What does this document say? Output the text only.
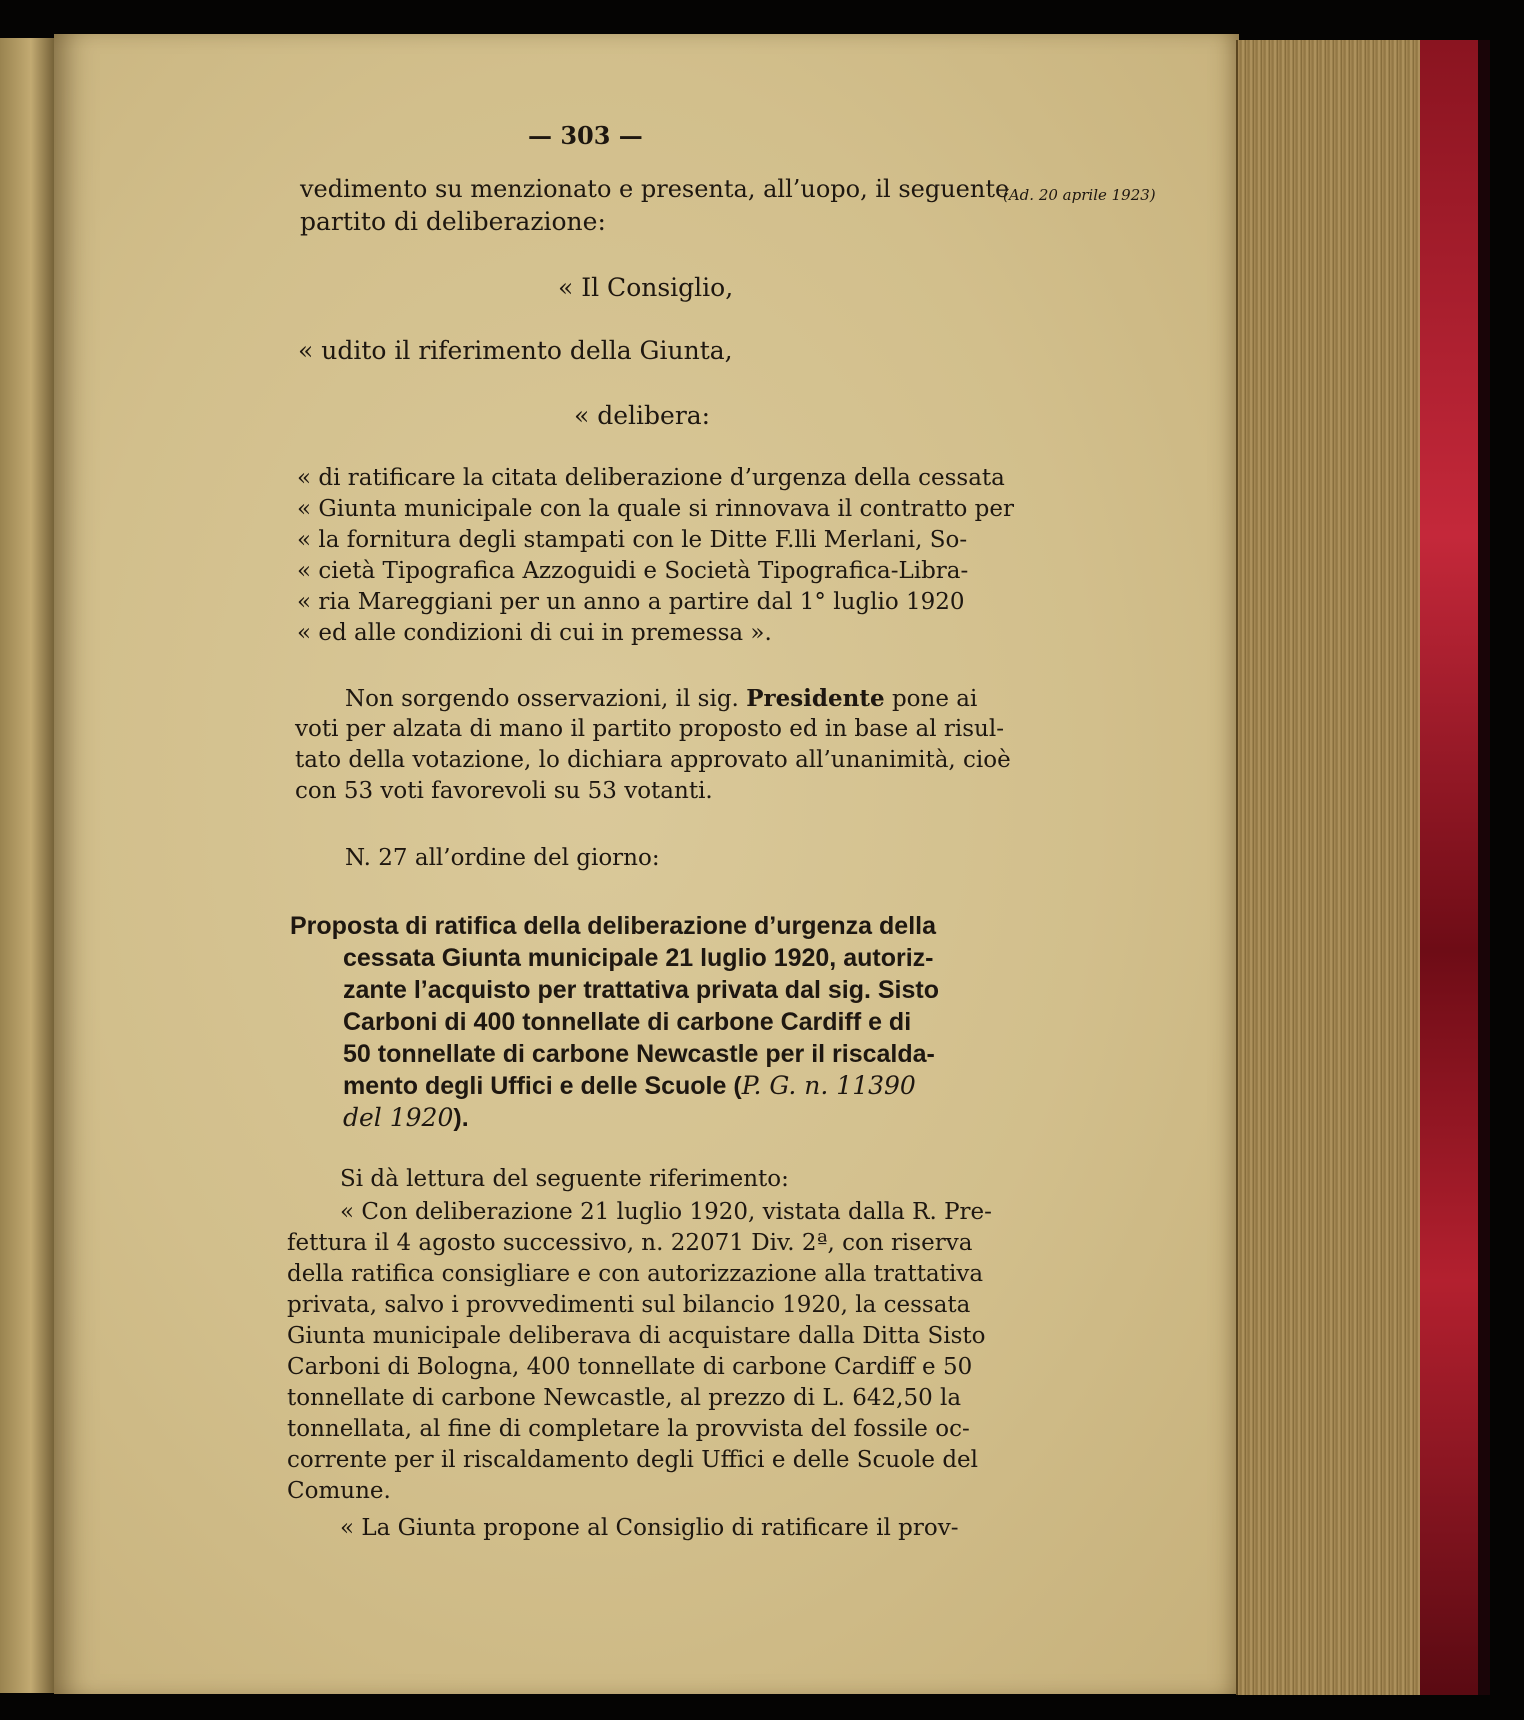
— 303 —
(Ad. 20 aprile 1923)
vedimento su menzionato e presenta, all’uopo, il seguente
partito di deliberazione:
« Il Consiglio,
« udito il riferimento della Giunta,
« delibera:
« di ratificare la citata deliberazione d’urgenza della cessata
« Giunta municipale con la quale si rinnovava il contratto per
« la fornitura degli stampati con le Ditte F.lli Merlani, So-
« cietà Tipografica Azzoguidi e Società Tipografica-Libra-
« ria Mareggiani per un anno a partire dal 1° luglio 1920
« ed alle condizioni di cui in premessa ».
Non sorgendo osservazioni, il sig. Presidente pone ai
voti per alzata di mano il partito proposto ed in base al risul-
tato della votazione, lo dichiara approvato all’unanimità, cioè
con 53 voti favorevoli su 53 votanti.
N. 27 all’ordine del giorno:
Proposta di ratifica della deliberazione d’urgenza della
cessata Giunta municipale 21 luglio 1920, autoriz-
zante l’acquisto per trattativa privata dal sig. Sisto
Carboni di 400 tonnellate di carbone Cardiff e di
50 tonnellate di carbone Newcastle per il riscalda-
mento degli Uffici e delle Scuole (P. G. n. 11390
del 1920).
Si dà lettura del seguente riferimento:
« Con deliberazione 21 luglio 1920, vistata dalla R. Pre-
fettura il 4 agosto successivo, n. 22071 Div. 2ª, con riserva
della ratifica consigliare e con autorizzazione alla trattativa
privata, salvo i provvedimenti sul bilancio 1920, la cessata
Giunta municipale deliberava di acquistare dalla Ditta Sisto
Carboni di Bologna, 400 tonnellate di carbone Cardiff e 50
tonnellate di carbone Newcastle, al prezzo di L. 642,50 la
tonnellata, al fine di completare la provvista del fossile oc-
corrente per il riscaldamento degli Uffici e delle Scuole del
Comune.
« La Giunta propone al Consiglio di ratificare il prov-
